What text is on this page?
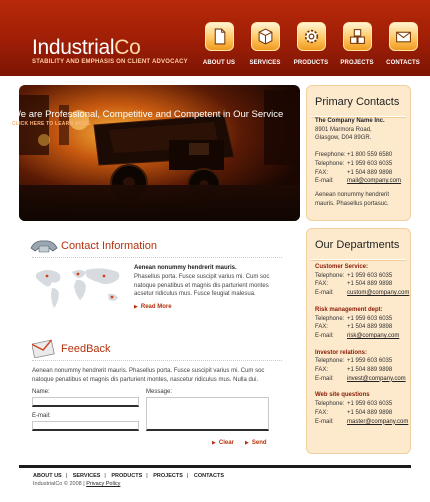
IndustrialCo
STABILITY AND EMPHASIS ON CLIENT ADVOCACY	ABOUT US	SERVICES	PRODUCTS	PROJECTS	CONTACTS
We are Professional, Competitive and Competent in Our Service
CLICK HERE TO LEARN MORE
Primary Contacts
The Company Name Inc.
8901 Marmora Road,
Glasgow, D04 89GR.

Freephone:+1 800 559 6580
Telephone: +1 959 603 6035
FAX:	+1 504 889 9898
E-mail: mail@company.com

Aenean nonummy hendrerit
mauris. Phasellus portasuc.
Our Departments
Customer Service:
Telephone: +1 959 603 6035
FAX:	+1 504 889 9898
E-mail: custom@company.com
Risk management dept:
Telephone: +1 959 603 6035
FAX:	+1 504 889 9898
E-mail: risk@company.com
Investor relations:
Telephone: +1 959 603 6035
FAX:	+1 504 889 9898
E-mail: invest@company.com
Web site questions
Telephone: +1 959 603 6035
FAX:	+1 504 889 9898
E-mail: master@company.com
Contact Information
Aenean nonummy hendrerit mauris.
Phasellus porta. Fusce suscipit varius mi. Cum soc natoque penatibus et magnis dis parturient montes acsetur ridiculus mus. Fusce feugiat malesua.
▶ Read More
FeedBack
Aenean nonummy hendrerit mauris. Phasellus porta. Fusce suscipit varius mi. Cum soc natoque penatibus et magnis dis parturient montes, nascetur ridiculus mus. Nulla dui.
Name:
E-mail:
Message:
▶ Clear ▶ Send
ABOUT US | SERVICES | PRODUCTS | PROJECTS | CONTACTS
IndustrialCo © 2008 | Privacy Policy
